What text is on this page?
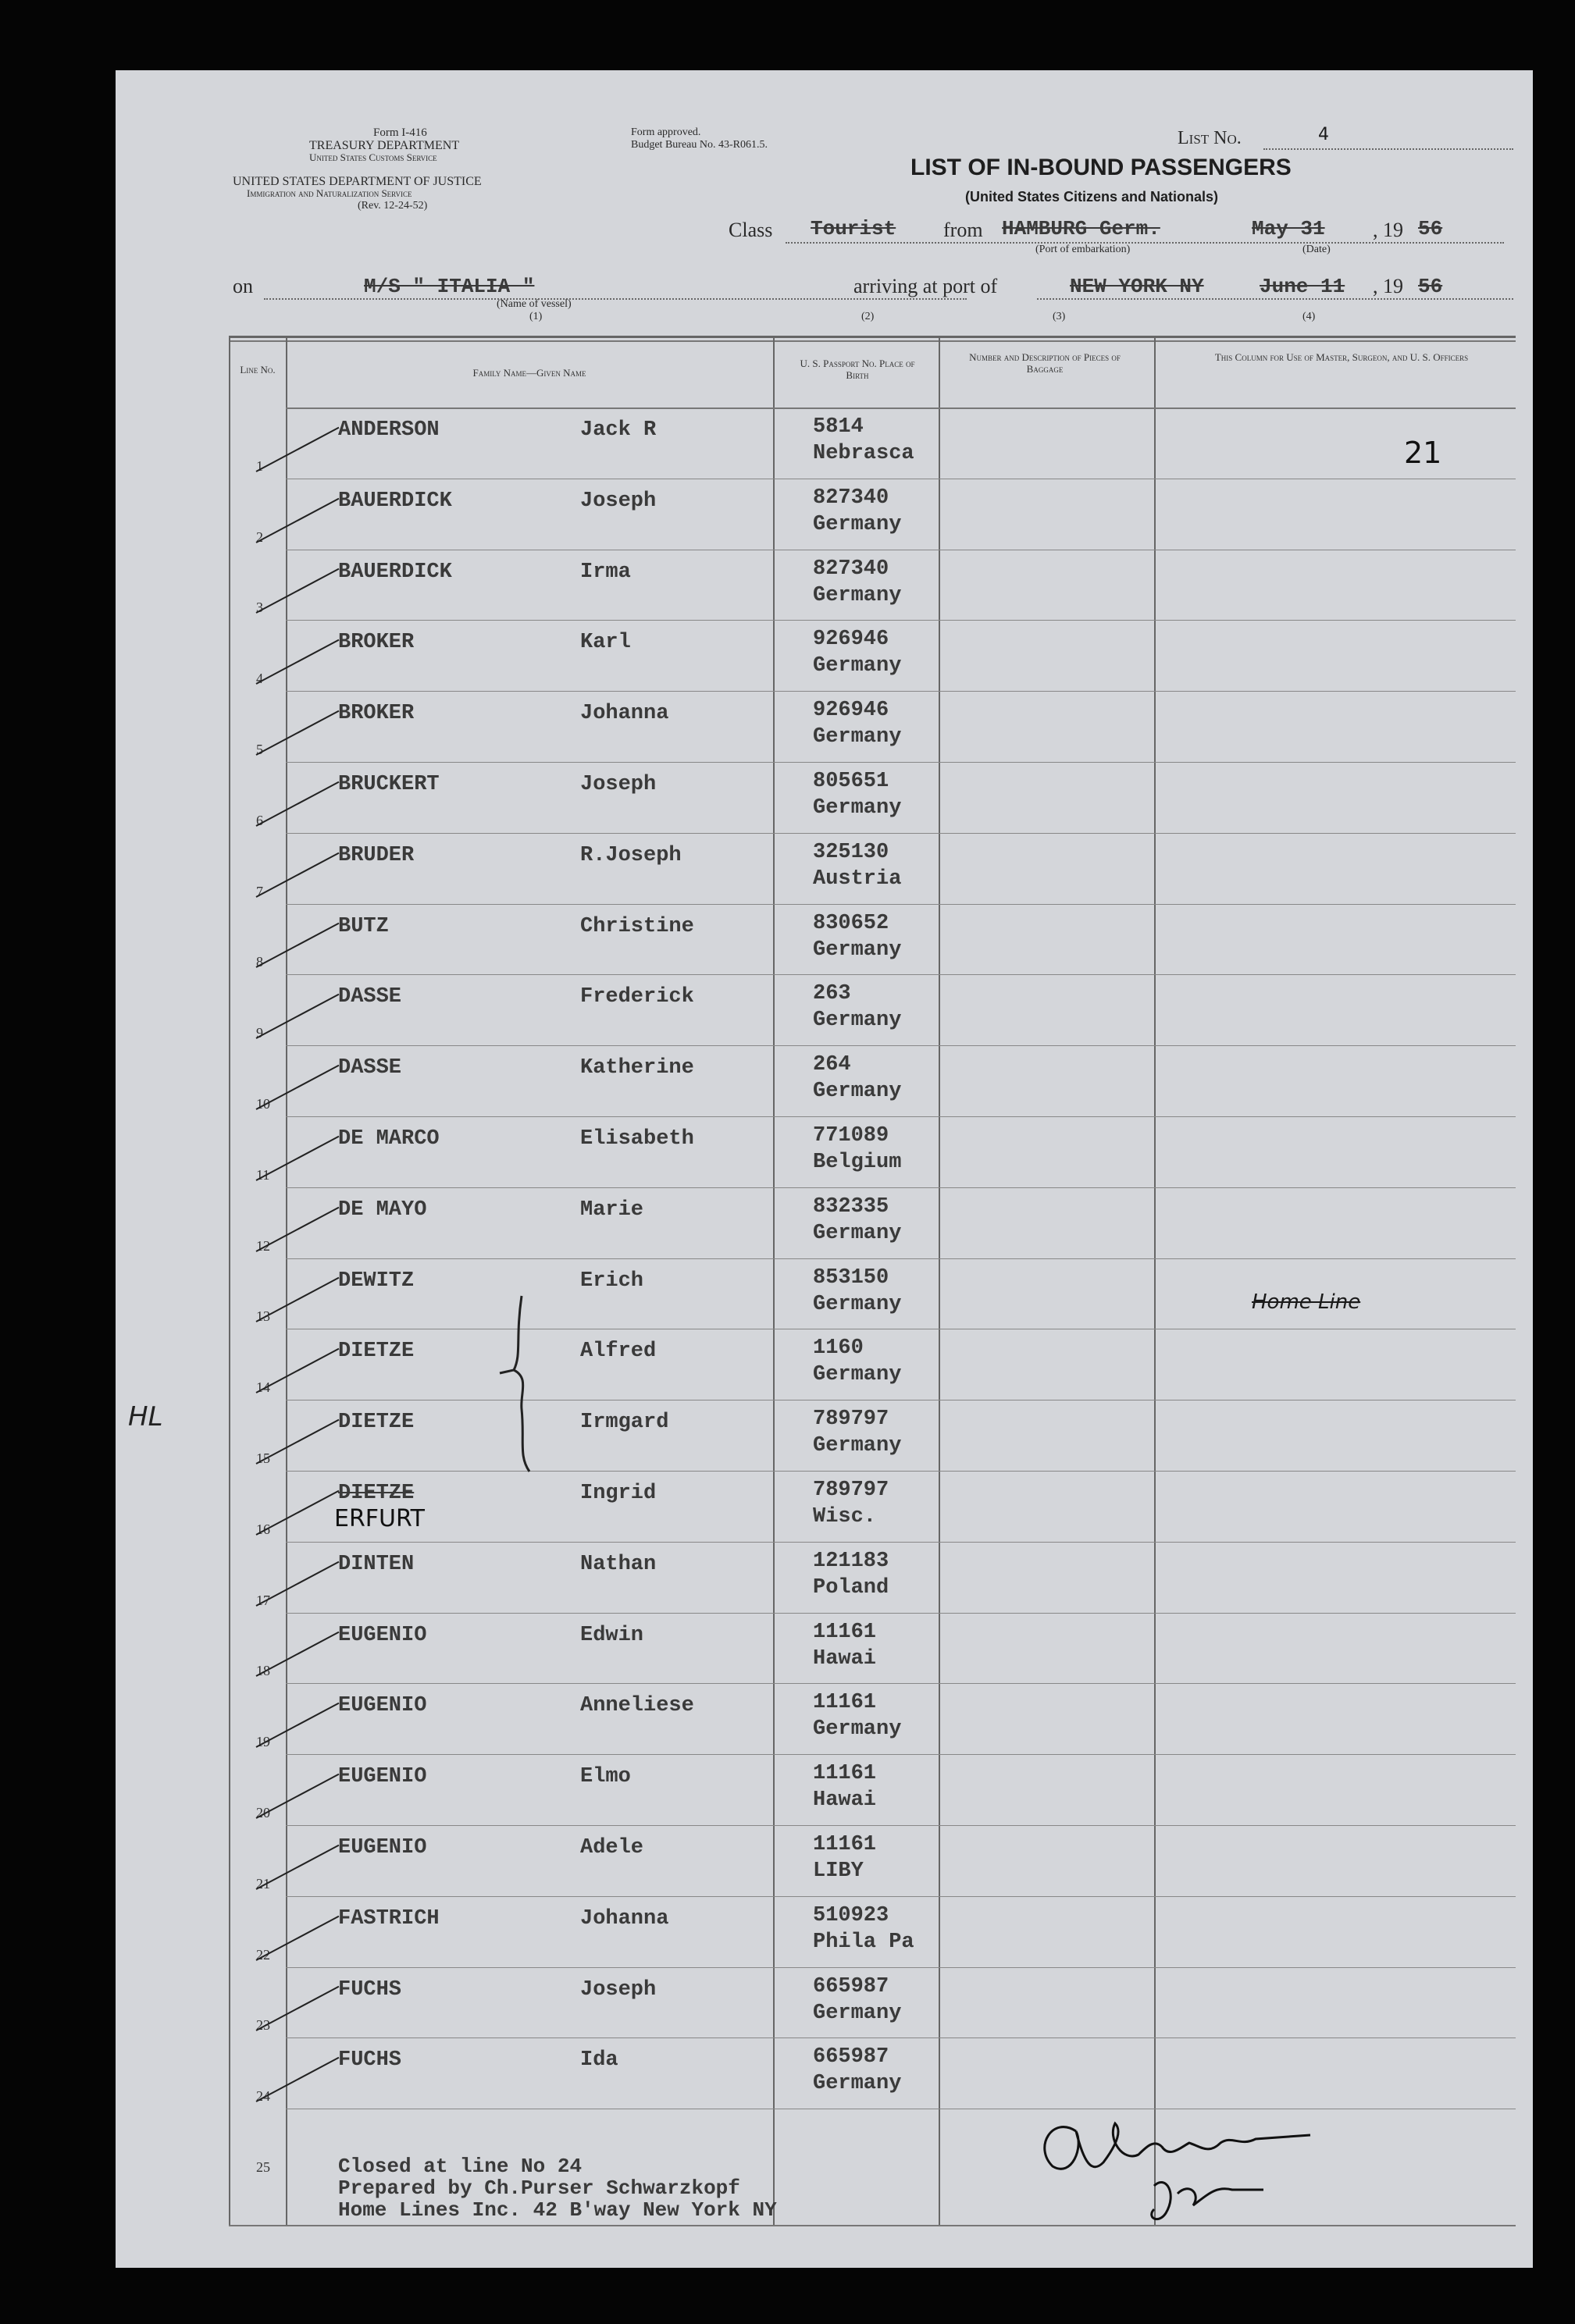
Form I-416
TREASURY DEPARTMENT
United States Customs Service
UNITED STATES DEPARTMENT OF JUSTICE
Immigration and Naturalization Service
(Rev. 12-24-52)
Form approved.
Budget Bureau No. 43-R061.5.	List No.	4
LIST OF IN-BOUND PASSENGERS
(United States Citizens and Nationals)
Class Tourist from HAMBURG Germ.
(Port of embarkation)
May 31
(Date)
, 19 56
on	M/S " ITALIA "
(Name of vessel)
(1)
arriving at port of	NEW YORK NY	June 11 , 19 56
(2)	(3)	(4)
Line No.	Family Name—Given Name
U. S. Passport No. Place of Birth
Number and Description of Pieces of Baggage
This Column for Use of Master, Surgeon, and U. S. Officers
1
ANDERSON	Jack R	5814
Nebrasca
2
BAUERDICK	Joseph	827340
Germany
3
BAUERDICK	Irma	827340
Germany
4
BROKER	Karl	926946
Germany
5
BROKER	Johanna	926946
Germany
6
BRUCKERT	Joseph	805651
Germany
7
BRUDER	R.Joseph	325130
Austria
8
BUTZ	Christine	830652
Germany
9
DASSE	Frederick	263
Germany
10
DASSE	Katherine	264
Germany
11
DE MARCO	Elisabeth	771089
Belgium
12
DE MAYO	Marie	832335
Germany
13
DEWITZ	Erich	853150
Germany
14
DIETZE	Alfred	1160
Germany
15
DIETZE	Irmgard	789797
Germany
16
DIETZE	Ingrid	789797
Wisc.
17
DINTEN	Nathan	121183
Poland
18
EUGENIO	Edwin	11161
Hawai
19
EUGENIO	Anneliese	11161
Germany
20
EUGENIO	Elmo	11161
Hawai
21
EUGENIO	Adele	11161
LIBY
22
FASTRICH	Johanna	510923
Phila Pa
23
FUCHS	Joseph	665987
Germany
24
FUCHS	Ida	665987
Germany
25
21
ERFURT
Home Line
HL
Closed at line No 24
Prepared by Ch.Purser Schwarzkopf
Home Lines Inc. 42 B'way New York NY
